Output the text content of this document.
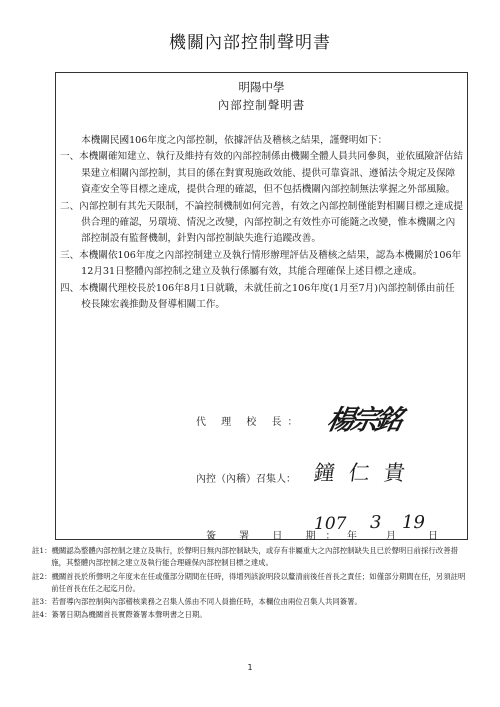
機關內部控制聲明書
明陽中學
內部控制聲明書

本機關民國106年度之內部控制，依據評估及稽核之結果，謹聲明如下：

一、本機關確知建立、執行及維持有效的內部控制係由機關全體人員共同參與，並依風險評估結果建立相關內部控制，其目的係在對實現施政效能、提供可靠資訊、遵循法令規定及保障資產安全等目標之達成，提供合理的確認，但不包括機關內部控制無法掌握之外部風險。

二、內部控制有其先天限制，不論控制機制如何完善，有效之內部控制僅能對相關目標之達成提供合理的確認，另環境、情況之改變，內部控制之有效性亦可能隨之改變，惟本機關之內部控制設有監督機制，針對內部控制缺失進行追蹤改善。

三、本機關依106年度之內部控制建立及執行情形辦理評估及稽核之結果，認為本機關於106年12月31日整體內部控制之建立及執行係屬有效，其能合理確保上述目標之達成。

四、本機關代理校長於106年8月1日就職，未就任前之106年度(1月至7月)內部控制係由前任校長陳宏義推動及督導相關工作。

代 理 校 長： 楊宗銘
內控（內稽）召集人： 鐘仁貴
簽 署 日 期：
107
年
3
月
19
日

註1：機關認為整體內部控制之建立及執行，於聲明日無內部控制缺失，或存有非屬重大之內部控制缺失且已於聲明日前採行改善措施，其整體內部控制之建立及執行能合理確保內部控制目標之達成。

註2：機關首長於所聲明之年度未在任或僅部分期間在任時，得增列該說明段以釐清前後任首長之責任；如僅部分期間在任，另須註明前任首長在任之起迄月份。

註3：若督導內部控制與內部稽核業務之召集人係由不同人員擔任時，本欄位由兩位召集人共同簽署。

註4：簽署日期為機關首長實際簽署本聲明書之日期。

1
